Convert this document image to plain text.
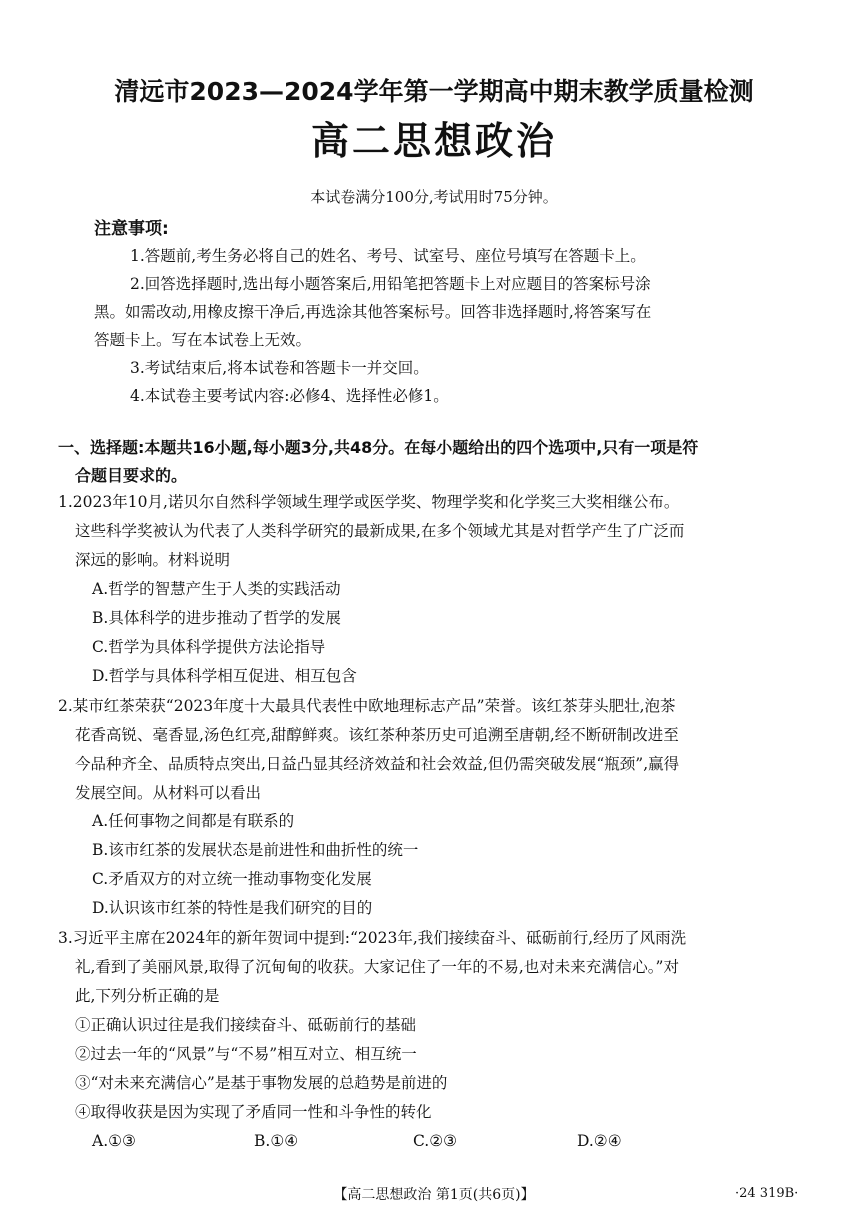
清远市2023—2024学年第一学期高中期末教学质量检测
高二思想政治
本试卷满分100分,考试用时75分钟。
注意事项:
1.答题前,考生务必将自己的姓名、考号、试室号、座位号填写在答题卡上。
2.回答选择题时,选出每小题答案后,用铅笔把答题卡上对应题目的答案标号涂
黑。如需改动,用橡皮擦干净后,再选涂其他答案标号。回答非选择题时,将答案写在
答题卡上。写在本试卷上无效。
3.考试结束后,将本试卷和答题卡一并交回。
4.本试卷主要考试内容:必修4、选择性必修1。
一、选择题:本题共16小题,每小题3分,共48分。在每小题给出的四个选项中,只有一项是符
合题目要求的。
1.2023年10月,诺贝尔自然科学领域生理学或医学奖、物理学奖和化学奖三大奖相继公布。
这些科学奖被认为代表了人类科学研究的最新成果,在多个领域尤其是对哲学产生了广泛而
深远的影响。材料说明
A.哲学的智慧产生于人类的实践活动
B.具体科学的进步推动了哲学的发展
C.哲学为具体科学提供方法论指导
D.哲学与具体科学相互促进、相互包含
2.某市红茶荣获“2023年度十大最具代表性中欧地理标志产品”荣誉。该红茶芽头肥壮,泡茶
花香高锐、毫香显,汤色红亮,甜醇鲜爽。该红茶种茶历史可追溯至唐朝,经不断研制改进至
今品种齐全、品质特点突出,日益凸显其经济效益和社会效益,但仍需突破发展“瓶颈”,赢得
发展空间。从材料可以看出
A.任何事物之间都是有联系的
B.该市红茶的发展状态是前进性和曲折性的统一
C.矛盾双方的对立统一推动事物变化发展
D.认识该市红茶的特性是我们研究的目的
3.习近平主席在2024年的新年贺词中提到:“2023年,我们接续奋斗、砥砺前行,经历了风雨洗
礼,看到了美丽风景,取得了沉甸甸的收获。大家记住了一年的不易,也对未来充满信心。”对
此,下列分析正确的是
①正确认识过往是我们接续奋斗、砥砺前行的基础
②过去一年的“风景”与“不易”相互对立、相互统一
③“对未来充满信心”是基于事物发展的总趋势是前进的
④取得收获是因为实现了矛盾同一性和斗争性的转化
A.①③	B.①④	C.②③	D.②④
【高二思想政治 第1页(共6页)】	·24 319B·
